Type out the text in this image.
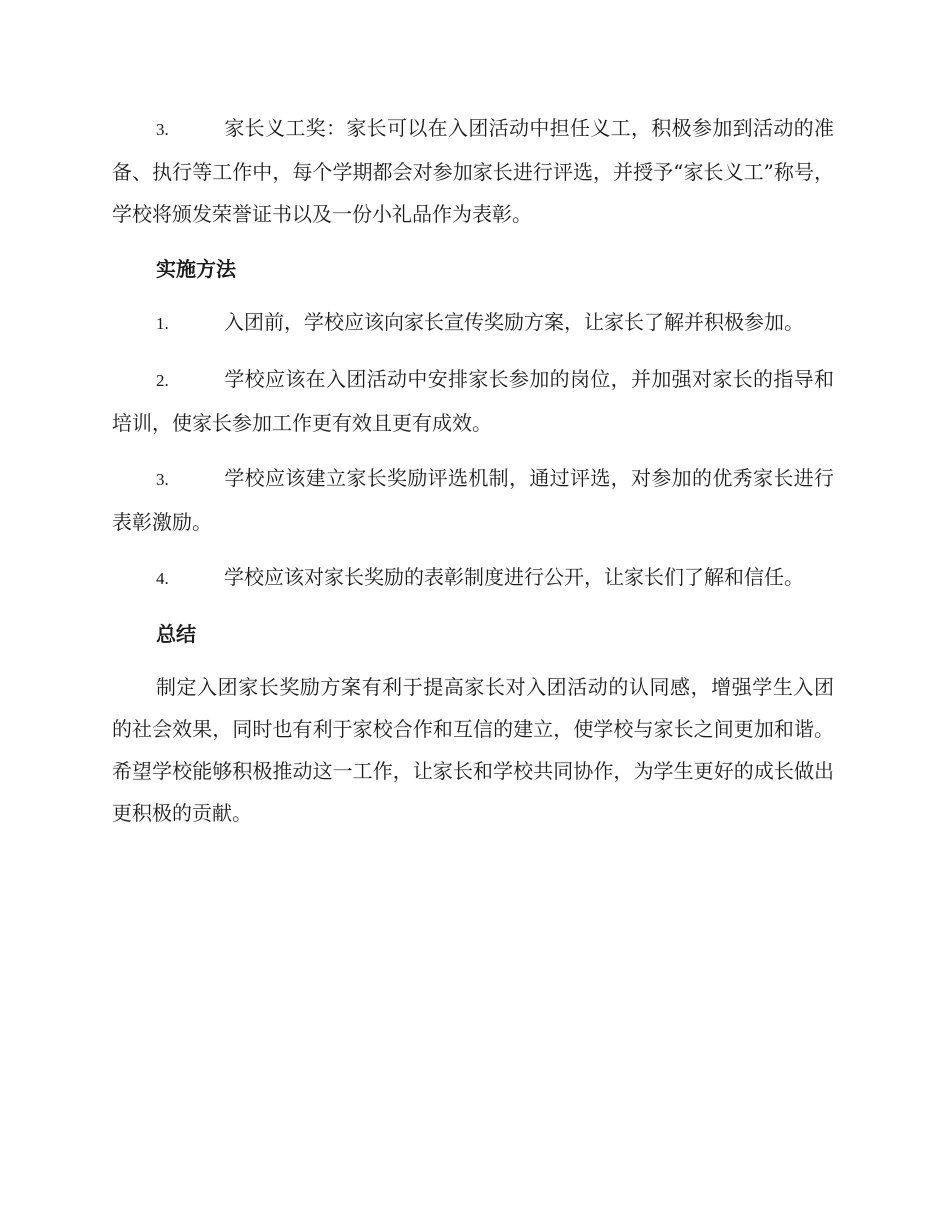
3.	家长义工奖：家长可以在入团活动中担任义工，积极参加到活动的准备、执行等工作中，每个学期都会对参加家长进行评选，并授予“家长义工”称号，学校将颁发荣誉证书以及一份小礼品作为表彰。

实施方法

1.	入团前，学校应该向家长宣传奖励方案，让家长了解并积极参加。

2.	学校应该在入团活动中安排家长参加的岗位，并加强对家长的指导和培训，使家长参加工作更有效且更有成效。

3.	学校应该建立家长奖励评选机制，通过评选，对参加的优秀家长进行表彰激励。

4.	学校应该对家长奖励的表彰制度进行公开，让家长们了解和信任。

总结

制定入团家长奖励方案有利于提高家长对入团活动的认同感，增强学生入团的社会效果，同时也有利于家校合作和互信的建立，使学校与家长之间更加和谐。希望学校能够积极推动这一工作，让家长和学校共同协作，为学生更好的成长做出更积极的贡献。
